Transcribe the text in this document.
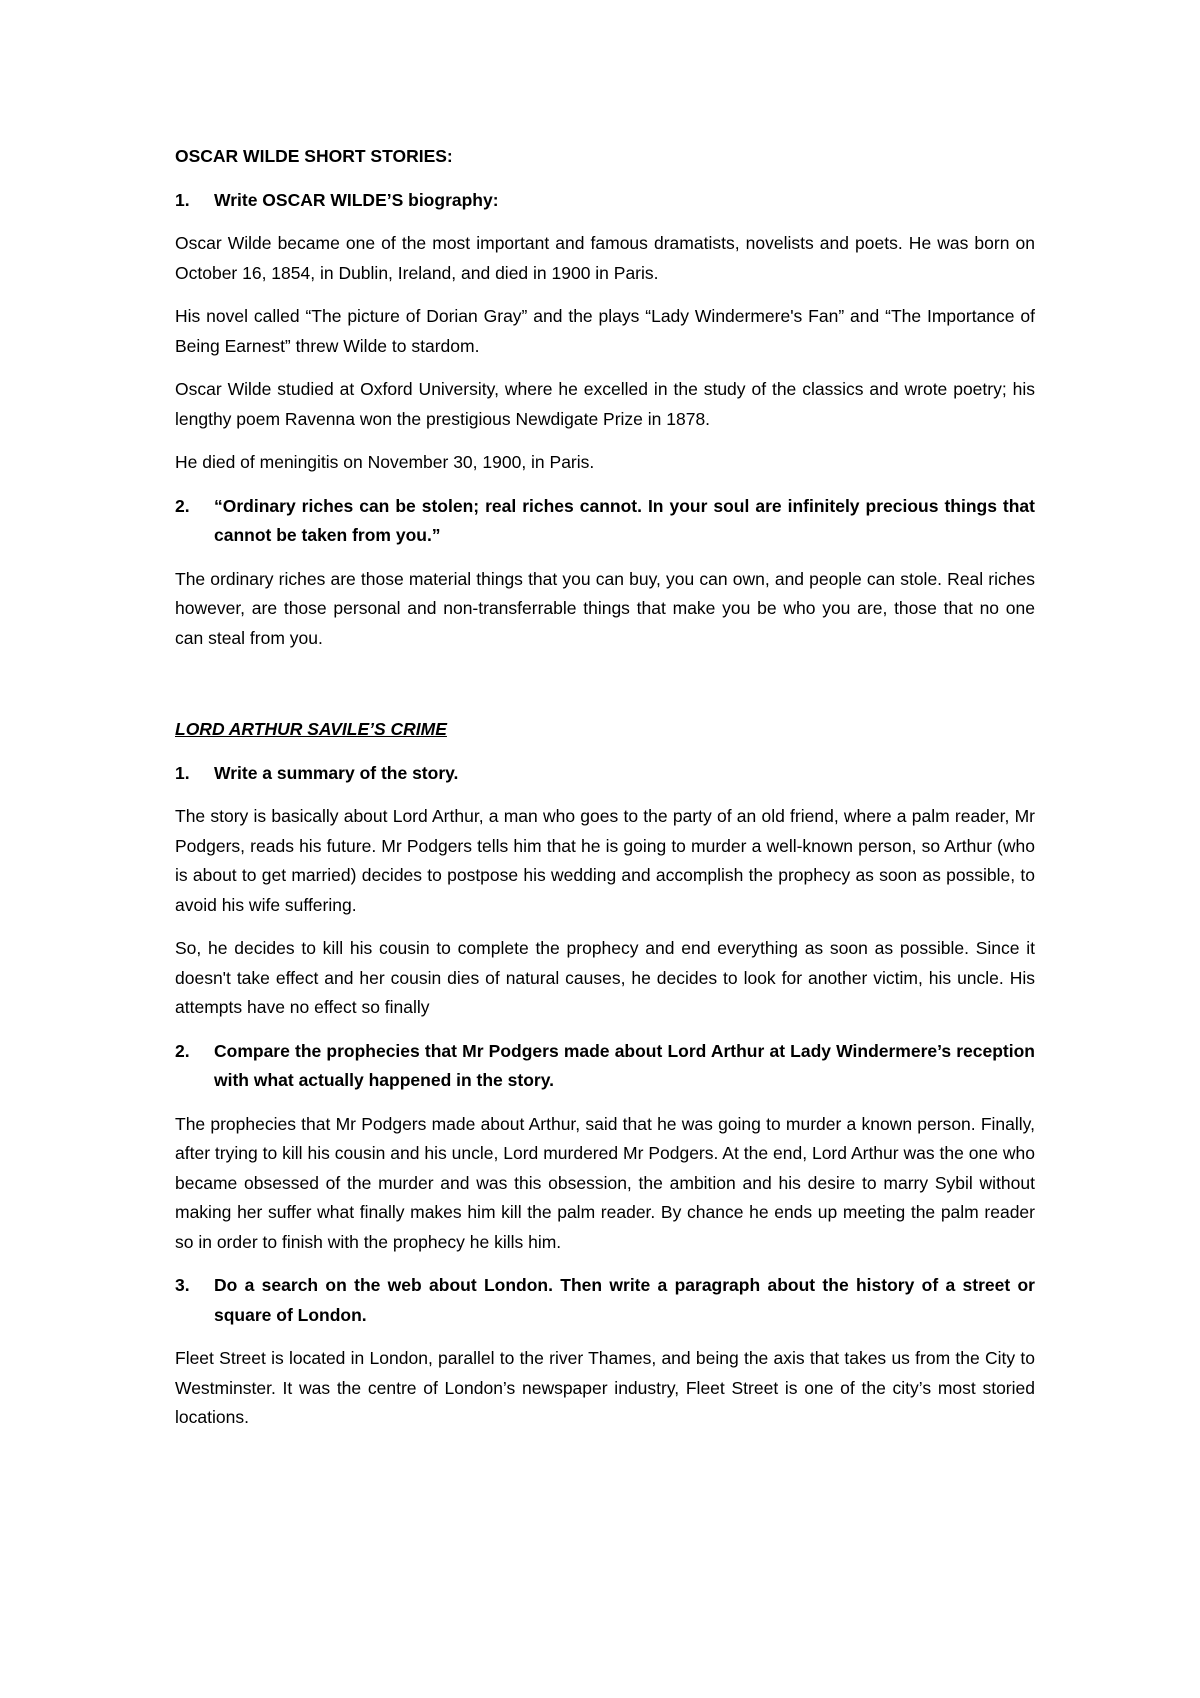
OSCAR WILDE SHORT STORIES:
1.	Write OSCAR WILDE’S biography:

Oscar Wilde became one of the most important and famous dramatists, novelists and poets. He was born on October 16, 1854, in Dublin, Ireland, and died in 1900 in Paris.

His novel called “The picture of Dorian Gray” and the plays “Lady Windermere's Fan” and “The Importance of Being Earnest” threw Wilde to stardom.

Oscar Wilde studied at Oxford University, where he excelled in the study of the classics and wrote poetry; his lengthy poem Ravenna won the prestigious Newdigate Prize in 1878.

He died of meningitis on November 30, 1900, in Paris.

2.	“Ordinary riches can be stolen; real riches cannot. In your soul are infinitely precious things that cannot be taken from you.”

The ordinary riches are those material things that you can buy, you can own, and people can stole. Real riches however, are those personal and non-transferrable things that make you be who you are, those that no one can steal from you.

LORD ARTHUR SAVILE’S CRIME
1.	Write a summary of the story.

The story is basically about Lord Arthur, a man who goes to the party of an old friend, where a palm reader, Mr Podgers, reads his future. Mr Podgers tells him that he is going to murder a well-known person, so Arthur (who is about to get married) decides to postpose his wedding and accomplish the prophecy as soon as possible, to avoid his wife suffering.

So, he decides to kill his cousin to complete the prophecy and end everything as soon as possible. Since it doesn't take effect and her cousin dies of natural causes, he decides to look for another victim, his uncle. His attempts have no effect so finally

2.	Compare the prophecies that Mr Podgers made about Lord Arthur at Lady Windermere’s reception with what actually happened in the story.

The prophecies that Mr Podgers made about Arthur, said that he was going to murder a known person. Finally, after trying to kill his cousin and his uncle, Lord murdered Mr Podgers. At the end, Lord Arthur was the one who became obsessed of the murder and was this obsession, the ambition and his desire to marry Sybil without making her suffer what finally makes him kill the palm reader. By chance he ends up meeting the palm reader so in order to finish with the prophecy he kills him.

3.	Do a search on the web about London. Then write a paragraph about the history of a street or square of London.

Fleet Street is located in London, parallel to the river Thames, and being the axis that takes us from the City to Westminster. It was the centre of London’s newspaper industry, Fleet Street is one of the city’s most storied locations.
